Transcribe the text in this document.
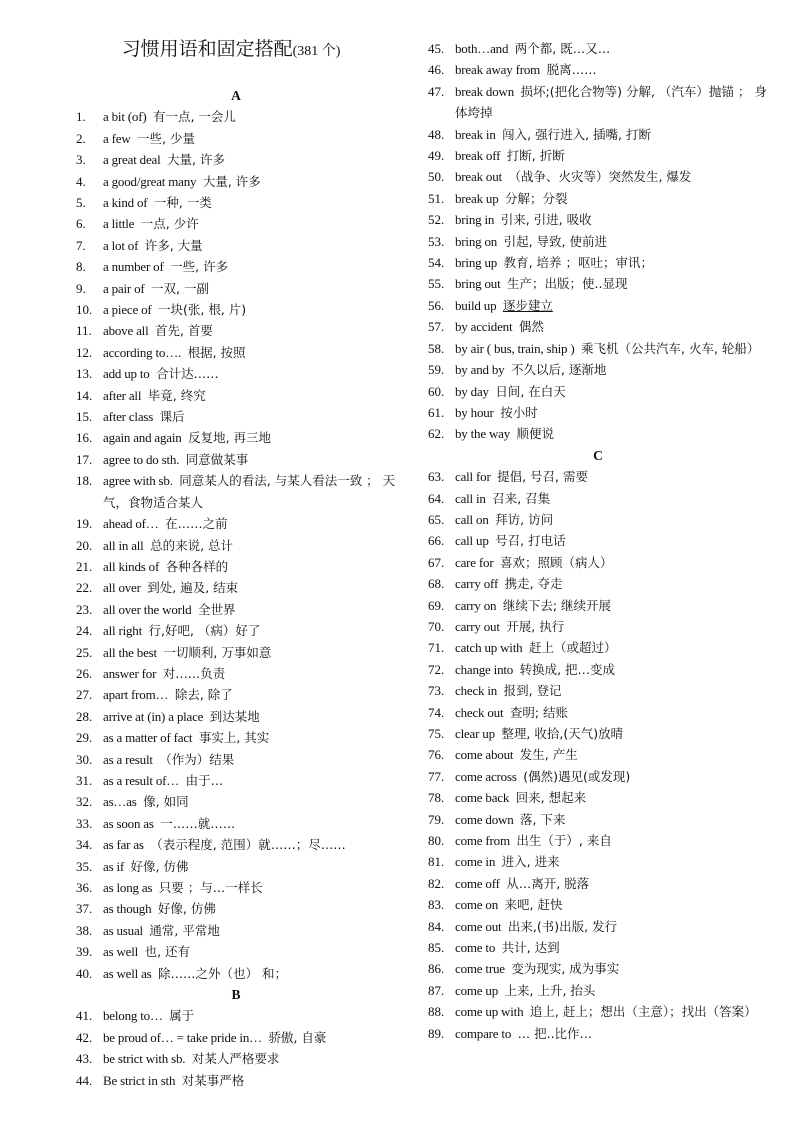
习惯用语和固定搭配(381 个)
A
1. a bit (of) 有一点, 一会儿
2. a few 一些, 少量
3. a great deal 大量, 许多
4. a good/great many 大量, 许多
5. a kind of 一种, 一类
6. a little 一点, 少许
7. a lot of 许多, 大量
8. a number of 一些, 许多
9. a pair of 一双, 一副
10. a piece of 一块(张, 根, 片)
11. above all 首先, 首要
12. according to…. 根据, 按照
13. add up to 合计达……
14. after all 毕竟, 终究
15. after class 课后
16. again and again 反复地, 再三地
17. agree to do sth. 同意做某事
18. agree with sb. 同意某人的看法, 与某人看法一致 ； 天气，食物适合某人
19. ahead of… 在……之前
20. all in all 总的来说, 总计
21. all kinds of 各种各样的
22. all over 到处, 遍及, 结束
23. all over the world 全世界
24. all right 行,好吧, （病）好了
25. all the best 一切顺利, 万事如意
26. answer for 对……负责
27. apart from… 除去, 除了
28. arrive at (in) a place 到达某地
29. as a matter of fact 事实上, 其实
30. as a result （作为）结果
31. as a result of… 由于…
32. as…as 像, 如同
33. as soon as 一……就……
34. as far as （表示程度, 范围）就……；尽……
35. as if 好像, 仿佛
36. as long as 只要 ；与…一样长
37. as though 好像, 仿佛
38. as usual 通常, 平常地
39. as well 也, 还有
40. as well as 除……之外（也） 和；
B
41. belong to… 属于
42. be proud of… = take pride in… 骄傲, 自豪
43. be strict with sb. 对某人严格要求
44. Be strict in sth 对某事严格
45. both…and 两个都, 既…又…
46. break away from 脱离……
47. break down 损坏;(把化合物等) 分解, （汽车）抛锚 ； 身体垮掉
48. break in 闯入, 强行进入, 插嘴, 打断
49. break off 打断, 折断
50. break out （战争、火灾等）突然发生, 爆发
51. break up 分解；分裂
52. bring in 引来, 引进, 吸收
53. bring on 引起, 导致, 使前进
54. bring up 教育, 培养 ；呕吐；审讯；
55. bring out 生产；出版；使..显现
56. build up 逐步建立
57. by accident 偶然
58. by air ( bus, train, ship ) 乘飞机（公共汽车, 火车, 轮船）
59. by and by 不久以后, 逐渐地
60. by day 日间, 在白天
61. by hour 按小时
62. by the way 顺便说
C
63. call for 提倡, 号召, 需要
64. call in 召来, 召集
65. call on 拜访, 访问
66. call up 号召, 打电话
67. care for 喜欢；照顾（病人）
68. carry off 携走, 夺走
69. carry on 继续下去; 继续开展
70. carry out 开展, 执行
71. catch up with 赶上（或超过）
72. change into 转换成, 把…变成
73. check in 报到, 登记
74. check out 查明; 结账
75. clear up 整理, 收拾,(天气)放晴
76. come about 发生, 产生
77. come across (偶然)遇见(或发现)
78. come back 回来, 想起来
79. come down 落, 下来
80. come from 出生（于）, 来自
81. come in 进入, 进来
82. come off 从…离开, 脱落
83. come on 来吧, 赶快
84. come out 出来,(书)出版, 发行
85. come to 共计, 达到
86. come true 变为现实, 成为事实
87. come up 上来, 上升, 抬头
88. come up with 追上, 赶上；想出（主意）；找出（答案）
89. compare to … 把..比作…
